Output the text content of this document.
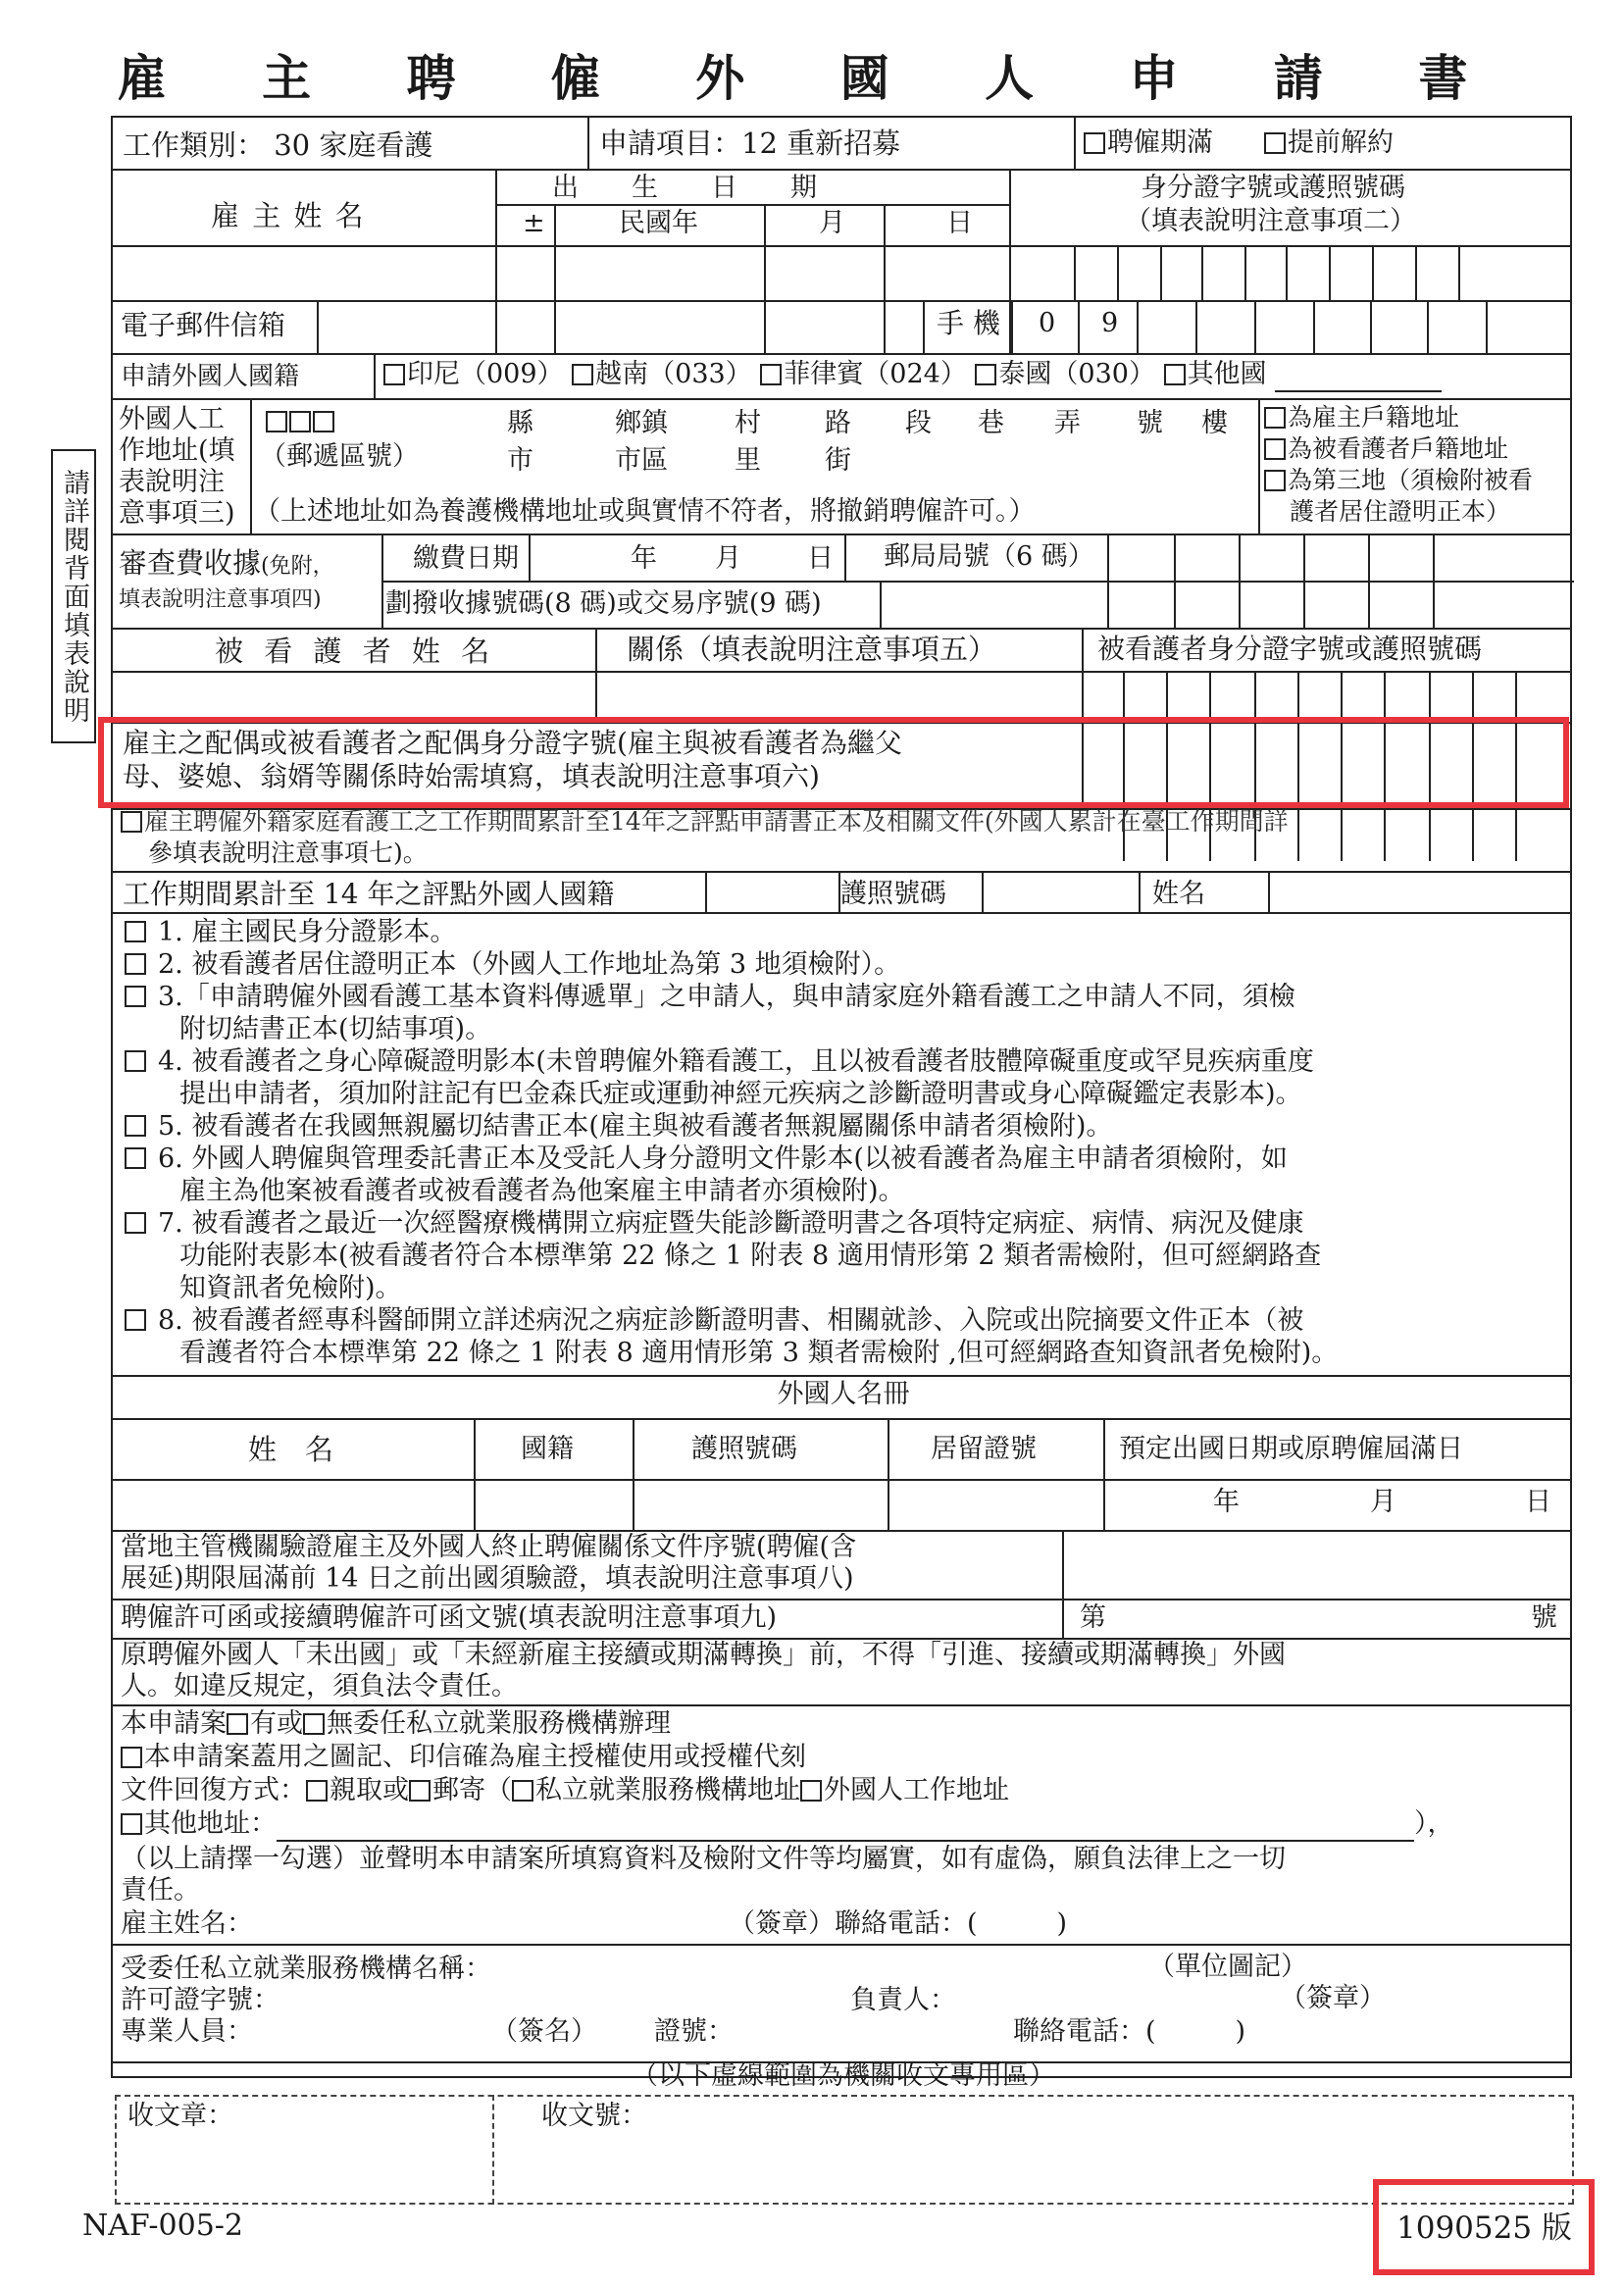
雇 主 聘 僱 外 國 人 申 請 書
請詳閱背面填表說明
工作類別： 30 家庭看護	申請項目：12 重新招募	聘僱期滿	提前解約
雇 主 姓 名
出　　生　　日　　期
±	民國年	月	日
身分證字號或護照號碼
（填表說明注意事項二）
電子郵件信箱	手 機 0 9
申請外國人國籍	印尼（009） 越南（033） 菲律賓（024） 泰國（030） 其他國
外國人工
作地址(填
表說明注
意事項三)
（郵遞區號）
縣	鄉鎮	村 路 段 巷 弄 號 樓
市	市區	里 街
（上述地址如為養護機構地址或與實情不符者，將撤銷聘僱許可。）
為雇主戶籍地址
為被看護者戶籍地址
為第三地（須檢附被看
護者居住證明正本）
審查費收據(免附，
填表說明注意事項四)
繳費日期	年 月 日 郵局局號（6 碼）
劃撥收據號碼(8 碼)或交易序號(9 碼)
被 看 護 者 姓 名	關係（填表說明注意事項五）	被看護者身分證字號或護照號碼
雇主之配偶或被看護者之配偶身分證字號(雇主與被看護者為繼父
母、婆媳、翁婿等關係時始需填寫，填表說明注意事項六)
雇主聘僱外籍家庭看護工之工作期間累計至14年之評點申請書正本及相關文件(外國人累計在臺工作期間詳
參填表說明注意事項七)。
工作期間累計至 14 年之評點外國人國籍	護照號碼	姓名
1. 雇主國民身分證影本。
2. 被看護者居住證明正本（外國人工作地址為第 3 地須檢附）。
3.「申請聘僱外國看護工基本資料傳遞單」之申請人，與申請家庭外籍看護工之申請人不同，須檢
附切結書正本(切結事項)。
4. 被看護者之身心障礙證明影本(未曾聘僱外籍看護工，且以被看護者肢體障礙重度或罕見疾病重度
提出申請者，須加附註記有巴金森氏症或運動神經元疾病之診斷證明書或身心障礙鑑定表影本)。
5. 被看護者在我國無親屬切結書正本(雇主與被看護者無親屬關係申請者須檢附)。
6. 外國人聘僱與管理委託書正本及受託人身分證明文件影本(以被看護者為雇主申請者須檢附，如
雇主為他案被看護者或被看護者為他案雇主申請者亦須檢附)。
7. 被看護者之最近一次經醫療機構開立病症暨失能診斷證明書之各項特定病症、病情、病況及健康
功能附表影本(被看護者符合本標準第 22 條之 1 附表 8 適用情形第 2 類者需檢附，但可經網路查
知資訊者免檢附)。
8. 被看護者經專科醫師開立詳述病況之病症診斷證明書、相關就診、入院或出院摘要文件正本（被
看護者符合本標準第 22 條之 1 附表 8 適用情形第 3 類者需檢附 ,但可經網路查知資訊者免檢附)。
外國人名冊
姓　名	國籍	護照號碼	居留證號	預定出國日期或原聘僱屆滿日
年	月	日
當地主管機關驗證雇主及外國人終止聘僱關係文件序號(聘僱(含
展延)期限屆滿前 14 日之前出國須驗證，填表說明注意事項八)
聘僱許可函或接續聘僱許可函文號(填表說明注意事項九)	第	號
原聘僱外國人「未出國」或「未經新雇主接續或期滿轉換」前，不得「引進、接續或期滿轉換」外國
人。如違反規定，須負法令責任。
本申請案 有或 無委任私立就業服務機構辦理
本申請案蓋用之圖記、印信確為雇主授權使用或授權代刻
文件回復方式： 親取或 郵寄（ 私立就業服務機構地址 外國人工作地址
其他地址：	），
（以上請擇一勾選）並聲明本申請案所填寫資料及檢附文件等均屬實，如有虛偽，願負法律上之一切
責任。
雇主姓名：	（簽章）聯絡電話：(　　　)
受委任私立就業服務機構名稱：	（單位圖記）
許可證字號：	負責人：	（簽章）
專業人員：	（簽名） 證號：	聯絡電話：(　　　)
（以下虛線範圍為機關收文專用區）
收文章：	收文號：
NAF-005-2	1090525 版
